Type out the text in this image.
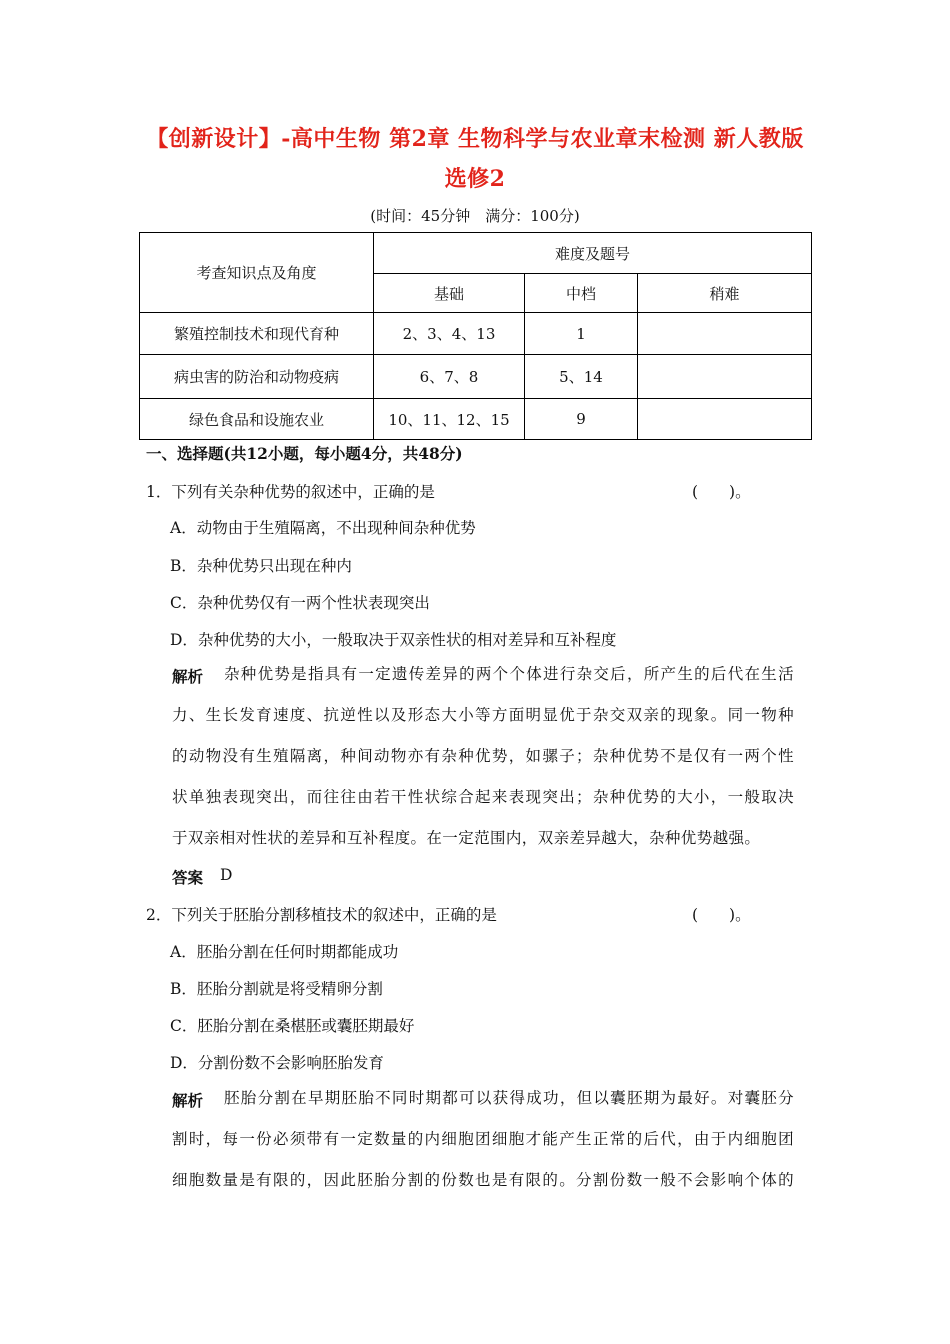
【创新设计】-高中生物 第2章 生物科学与农业章末检测 新人教版
选修2
(时间：45分钟　满分：100分)
考查知识点及角度	难度及题号		
	基础	中档	稍难
繁殖控制技术和现代育种	2、3、4、13	1	
病虫害的防治和动物疫病	6、7、8	5、14	
绿色食品和设施农业	10、11、12、15	9	
一、选择题(共12小题，每小题4分，共48分)
1．下列有关杂种优势的叙述中，正确的是	(　　)。
A．动物由于生殖隔离，不出现种间杂种优势
B．杂种优势只出现在种内
C．杂种优势仅有一两个性状表现突出
D．杂种优势的大小，一般取决于双亲性状的相对差异和互补程度
解析 杂种优势是指具有一定遗传差异的两个个体进行杂交后，所产生的后代在生活
力、生长发育速度、抗逆性以及形态大小等方面明显优于杂交双亲的现象。同一物种
的动物没有生殖隔离，种间动物亦有杂种优势，如骡子；杂种优势不是仅有一两个性
状单独表现突出，而往往由若干性状综合起来表现突出；杂种优势的大小，一般取决
于双亲相对性状的差异和互补程度。在一定范围内，双亲差异越大，杂种优势越强。
答案 D
2．下列关于胚胎分割移植技术的叙述中，正确的是	(　　)。
A．胚胎分割在任何时期都能成功
B．胚胎分割就是将受精卵分割
C．胚胎分割在桑椹胚或囊胚期最好
D．分割份数不会影响胚胎发育
解析 胚胎分割在早期胚胎不同时期都可以获得成功，但以囊胚期为最好。对囊胚分
割时，每一份必须带有一定数量的内细胞团细胞才能产生正常的后代，由于内细胞团
细胞数量是有限的，因此胚胎分割的份数也是有限的。分割份数一般不会影响个体的
